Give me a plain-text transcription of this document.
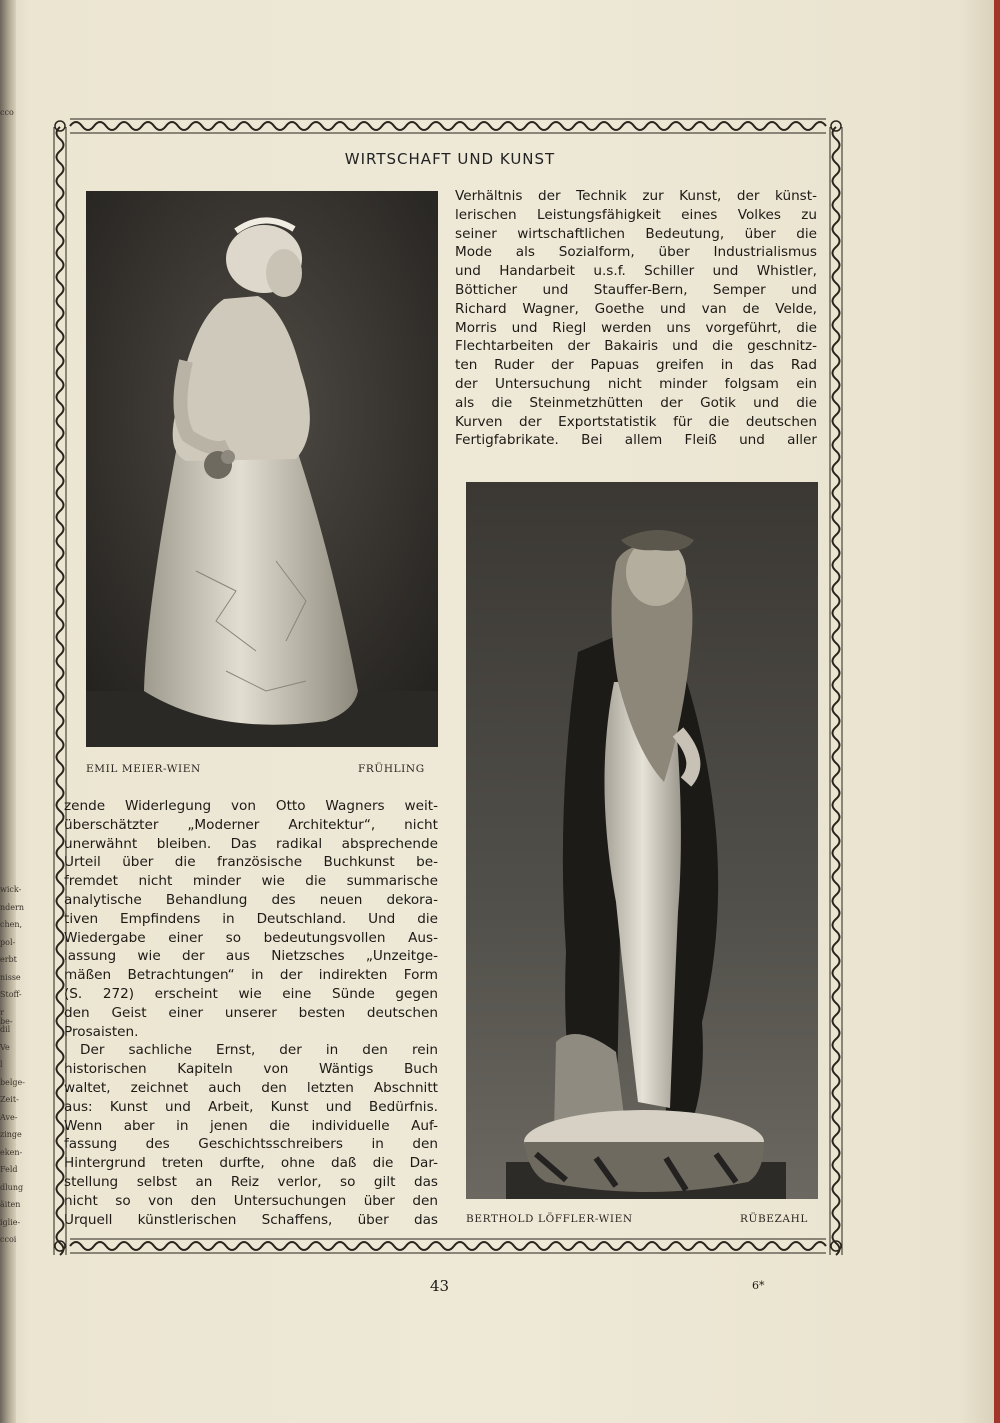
cco
wick-
ndern
chen,
pol-
erbt
nisse
Stoff-
r be-
dil
Ve
l
belge-
Zeit-
Ave-
zinge
eken-
Feld
dlung
äiten
iglie-
ccoi
WIRTSCHAFT UND KUNST
EMIL MEIER-WIEN	FRÜHLING
BERTHOLD LÖFFLER-WIEN	RÜBEZAHL

Verhältnis der Technik zur Kunst, der künst-

lerischen Leistungsfähigkeit eines Volkes zu

seiner wirtschaftlichen Bedeutung, über die

Mode als Sozialform, über Industrialismus

und Handarbeit u.s.f. Schiller und Whistler,

Bötticher und Stauffer-Bern, Semper und

Richard Wagner, Goethe und van de Velde,

Morris und Riegl werden uns vorgeführt, die

Flechtarbeiten der Bakairis und die geschnitz-

ten Ruder der Papuas greifen in das Rad

der Untersuchung nicht minder folgsam ein

als die Steinmetzhütten der Gotik und die

Kurven der Exportstatistik für die deutschen

Fertigfabrikate. Bei allem Fleiß und aller

zende Widerlegung von Otto Wagners weit-

überschätzter „Moderner Architektur“, nicht

unerwähnt bleiben. Das radikal absprechende

Urteil über die französische Buchkunst be-

fremdet nicht minder wie die summarische

analytische Behandlung des neuen dekora-

tiven Empfindens in Deutschland. Und die

Wiedergabe einer so bedeutungsvollen Aus-

lassung wie der aus Nietzsches „Unzeitge-

mäßen Betrachtungen“ in der indirekten Form

(S. 272) erscheint wie eine Sünde gegen

den Geist einer unserer besten deutschen

Prosaisten.

Der sachliche Ernst, der in den rein

historischen Kapiteln von Wäntigs Buch

waltet, zeichnet auch den letzten Abschnitt

aus: Kunst und Arbeit, Kunst und Bedürfnis.

Wenn aber in jenen die individuelle Auf-

fassung des Geschichtsschreibers in den

Hintergrund treten durfte, ohne daß die Dar-

stellung selbst an Reiz verlor, so gilt das

nicht so von den Untersuchungen über den

Urquell künstlerischen Schaffens, über das

43	6*
